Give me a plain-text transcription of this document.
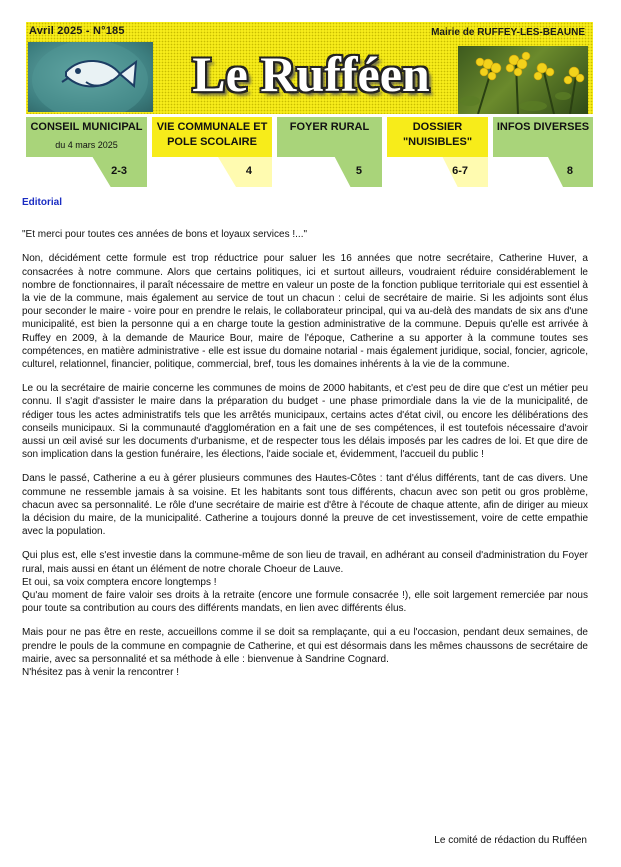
Avril 2025 - N°185	Mairie de RUFFEY-LES-BEAUNE
Le Rufféen
CONSEIL MUNICIPAL
du 4 mars 2025
2-3
VIE COMMUNALE ET
POLE SCOLAIRE
4
FOYER RURAL
5
DOSSIER
"NUISIBLES"
6-7
INFOS DIVERSES
8
Editorial

"Et merci pour toutes ces années de bons et loyaux services !..."

Non, décidément cette formule est trop réductrice pour saluer les 16 années que notre secrétaire, Catherine Huver, a consacrées à notre commune. Alors que certains politiques, ici et surtout ailleurs, voudraient réduire considérablement le nombre de fonctionnaires, il paraît nécessaire de mettre en valeur un poste de la fonction publique territoriale qui est essentiel à la vie de la commune, mais également au service de tout un chacun : celui de secrétaire de mairie. Si les adjoints sont élus pour seconder le maire - voire pour en prendre le relais, le collaborateur principal, qui va au-delà des mandats de six ans d'une municipalité, est bien la personne qui a en charge toute la gestion administrative de la commune. Depuis qu'elle est arrivée à Ruffey en 2009, à la demande de Maurice Bour, maire de l'époque, Catherine a su apporter à la commune toutes ses compétences, en matière administrative - elle est issue du domaine notarial - mais également juridique, social, foncier, agricole, culturel, relationnel, financier, politique, commercial, bref, tous les domaines inhérents à la vie de la commune.

Le ou la secrétaire de mairie concerne les communes de moins de 2000 habitants, et c'est peu de dire que c'est un métier peu connu. Il s'agit d'assister le maire dans la préparation du budget - une phase primordiale dans la vie de la municipalité, de rédiger tous les actes administratifs tels que les arrêtés municipaux, certains actes d'état civil, ou encore les délibérations des conseils municipaux. Si la communauté d'agglomération en a fait une de ses compétences, il est toutefois nécessaire d'avoir aussi un œil avisé sur les documents d'urbanisme, et de respecter tous les délais imposés par les cadres de loi. Et que dire de son implication dans la gestion funéraire, les élections, l'aide sociale et, évidemment, l'accueil du public !

Dans le passé, Catherine a eu à gérer plusieurs communes des Hautes-Côtes : tant d'élus différents, tant de cas divers. Une commune ne ressemble jamais à sa voisine. Et les habitants sont tous différents, chacun avec son petit ou gros problème, chacun avec sa personnalité. Le rôle d'une secrétaire de mairie est d'être à l'écoute de chaque attente, afin de diriger au mieux la décision du maire, de la municipalité. Catherine a toujours donné la preuve de cet investissement, voire de cette empathie avec la population.

Qui plus est, elle s'est investie dans la commune-même de son lieu de travail, en adhérant au conseil d'administration du Foyer rural, mais aussi en étant un élément de notre chorale Choeur de Lauve.
Et oui, sa voix comptera encore longtemps !
Qu'au moment de faire valoir ses droits à la retraite (encore une formule consacrée !), elle soit largement remerciée par nous pour toute sa contribution au cours des différents mandats, en lien avec différents élus.

Mais pour ne pas être en reste, accueillons comme il se doit sa remplaçante, qui a eu l'occasion, pendant deux semaines, de prendre le pouls de la commune en compagnie de Catherine, et qui est désormais dans les mêmes chaussons de secrétaire de mairie, avec sa personnalité et sa méthode à elle : bienvenue à Sandrine Cognard.
N'hésitez pas à venir la rencontrer !

Le comité de rédaction du Rufféen
